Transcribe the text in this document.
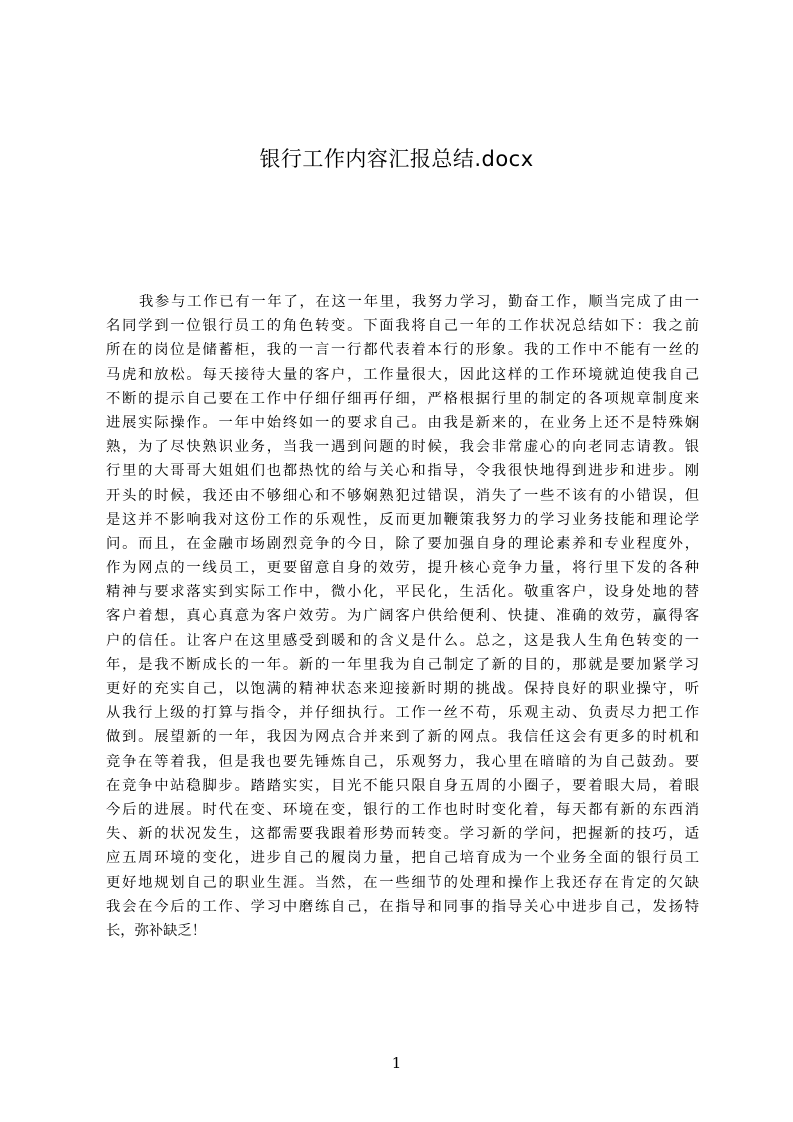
银行工作内容汇报总结.docx
我参与工作已有一年了，在这一年里，我努力学习，勤奋工作，顺当完成了由一
名同学到一位银行员工的角色转变。下面我将自己一年的工作状况总结如下：我之前
所在的岗位是储蓄柜，我的一言一行都代表着本行的形象。我的工作中不能有一丝的
马虎和放松。每天接待大量的客户，工作量很大，因此这样的工作环境就迫使我自己
不断的提示自己要在工作中仔细仔细再仔细，严格根据行里的制定的各项规章制度来
进展实际操作。一年中始终如一的要求自己。由我是新来的，在业务上还不是特殊娴
熟，为了尽快熟识业务，当我一遇到问题的时候，我会非常虚心的向老同志请教。银
行里的大哥哥大姐姐们也都热忱的给与关心和指导，令我很快地得到进步和进步。刚
开头的时候，我还由不够细心和不够娴熟犯过错误，消失了一些不该有的小错误，但
是这并不影响我对这份工作的乐观性，反而更加鞭策我努力的学习业务技能和理论学
问。而且，在金融市场剧烈竞争的今日，除了要加强自身的理论素养和专业程度外，
作为网点的一线员工，更要留意自身的效劳，提升核心竞争力量，将行里下发的各种
精神与要求落实到实际工作中，微小化，平民化，生活化。敬重客户，设身处地的替
客户着想，真心真意为客户效劳。为广阔客户供给便利、快捷、准确的效劳，赢得客
户的信任。让客户在这里感受到暖和的含义是什么。总之，这是我人生角色转变的一
年，是我不断成长的一年。新的一年里我为自己制定了新的目的，那就是要加紧学习
更好的充实自己，以饱满的精神状态来迎接新时期的挑战。保持良好的职业操守，听
从我行上级的打算与指令，并仔细执行。工作一丝不苟，乐观主动、负责尽力把工作
做到。展望新的一年，我因为网点合并来到了新的网点。我信任这会有更多的时机和
竞争在等着我，但是我也要先锤炼自己，乐观努力，我心里在暗暗的为自己鼓劲。要
在竞争中站稳脚步。踏踏实实，目光不能只限自身五周的小圈子，要着眼大局，着眼
今后的进展。时代在变、环境在变，银行的工作也时时变化着，每天都有新的东西消
失、新的状况发生，这都需要我跟着形势而转变。学习新的学问，把握新的技巧，适
应五周环境的变化，进步自己的履岗力量，把自己培育成为一个业务全面的银行员工
更好地规划自己的职业生涯。当然，在一些细节的处理和操作上我还存在肯定的欠缺
我会在今后的工作、学习中磨练自己，在指导和同事的指导关心中进步自己，发扬特
长，弥补缺乏！
1
